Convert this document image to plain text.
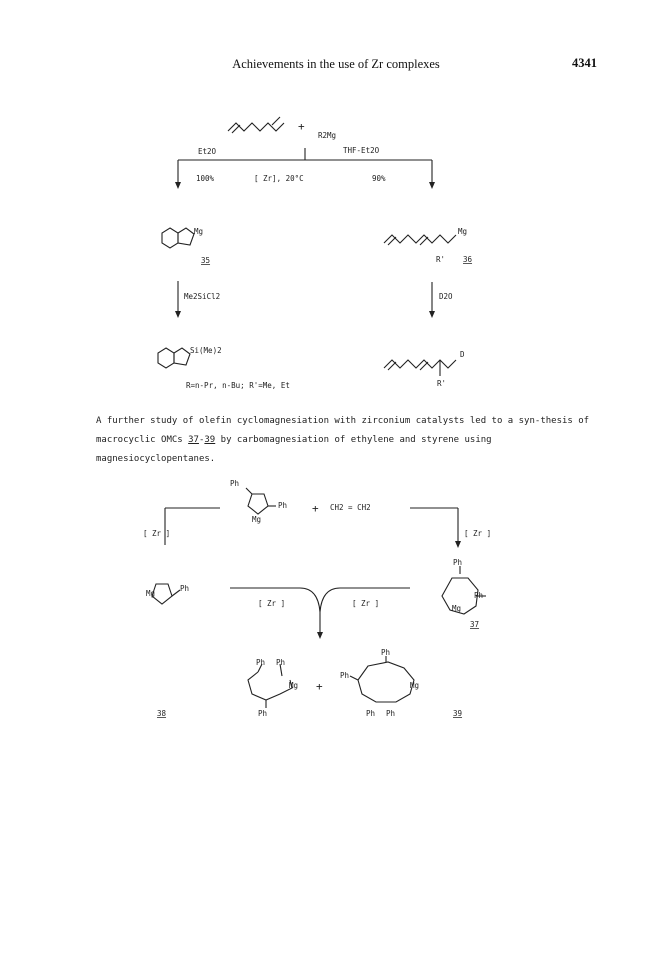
Achievements in the use of Zr complexes	4341
+
R2Mg
Et2O	THF-Et2O
100%	[ Zr], 20°C	90%
Mg
35
Mg
R' 36
Me2SiCl2	D2O
Si(Me)2	D
R'
R=n-Pr, n-Bu; R'=Me, Et
A further study of olefin cyclomagnesiation with zirconium catalysts led to a syn-thesis of macrocyclic OMCs 37-39 by carbomagnesiation of ethylene and styrene using magnesiocyclopentanes.
Ph
Ph
Mg
+ CH2 = CH2
[ Zr ]	[ Zr ]
Ph
Mg
Ph
Ph
Mg
37
[ Zr ]	[ Zr ]
Ph Ph
Mg
Ph
38
+
Ph
Ph
Mg
Ph Ph	39
